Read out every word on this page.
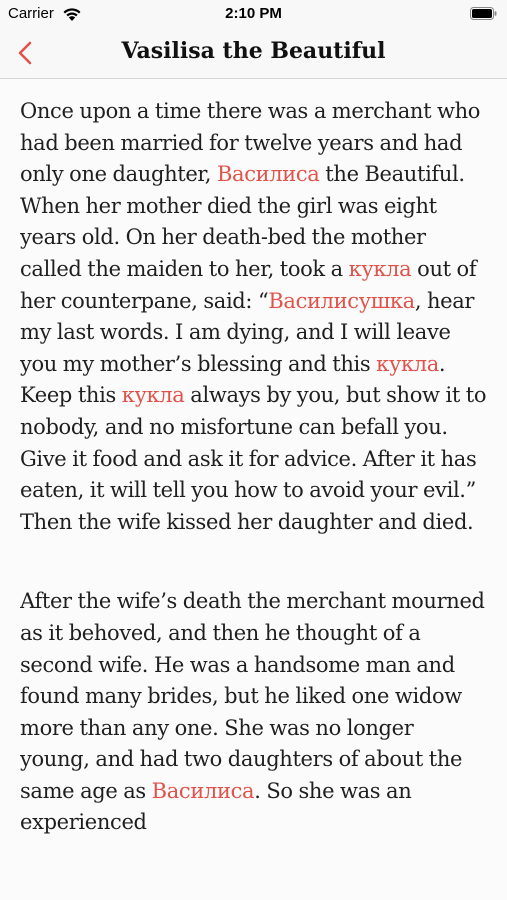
Carrier	2:10 PM
Vasilisa the Beautiful

Once upon a time there was a merchant who had been married for twelve years and had only one daughter, Василиса the Beautiful. When her mother died the girl was eight years old. On her death-bed the mother called the maiden to her, took a кукла out of her counterpane, said: “Василисушка, hear my last words. I am dying, and I will leave you my mother’s blessing and this кукла. Keep this кукла always by you, but show it to nobody, and no misfortune can befall you. Give it food and ask it for advice. After it has eaten, it will tell you how to avoid your evil.” Then the wife kissed her daughter and died.

After the wife’s death the merchant mourned as it behoved, and then he thought of a second wife. He was a handsome man and found many brides, but he liked one widow more than any one. She was no longer young, and had two daughters of about the same age as Василиса. So she was an experienced
